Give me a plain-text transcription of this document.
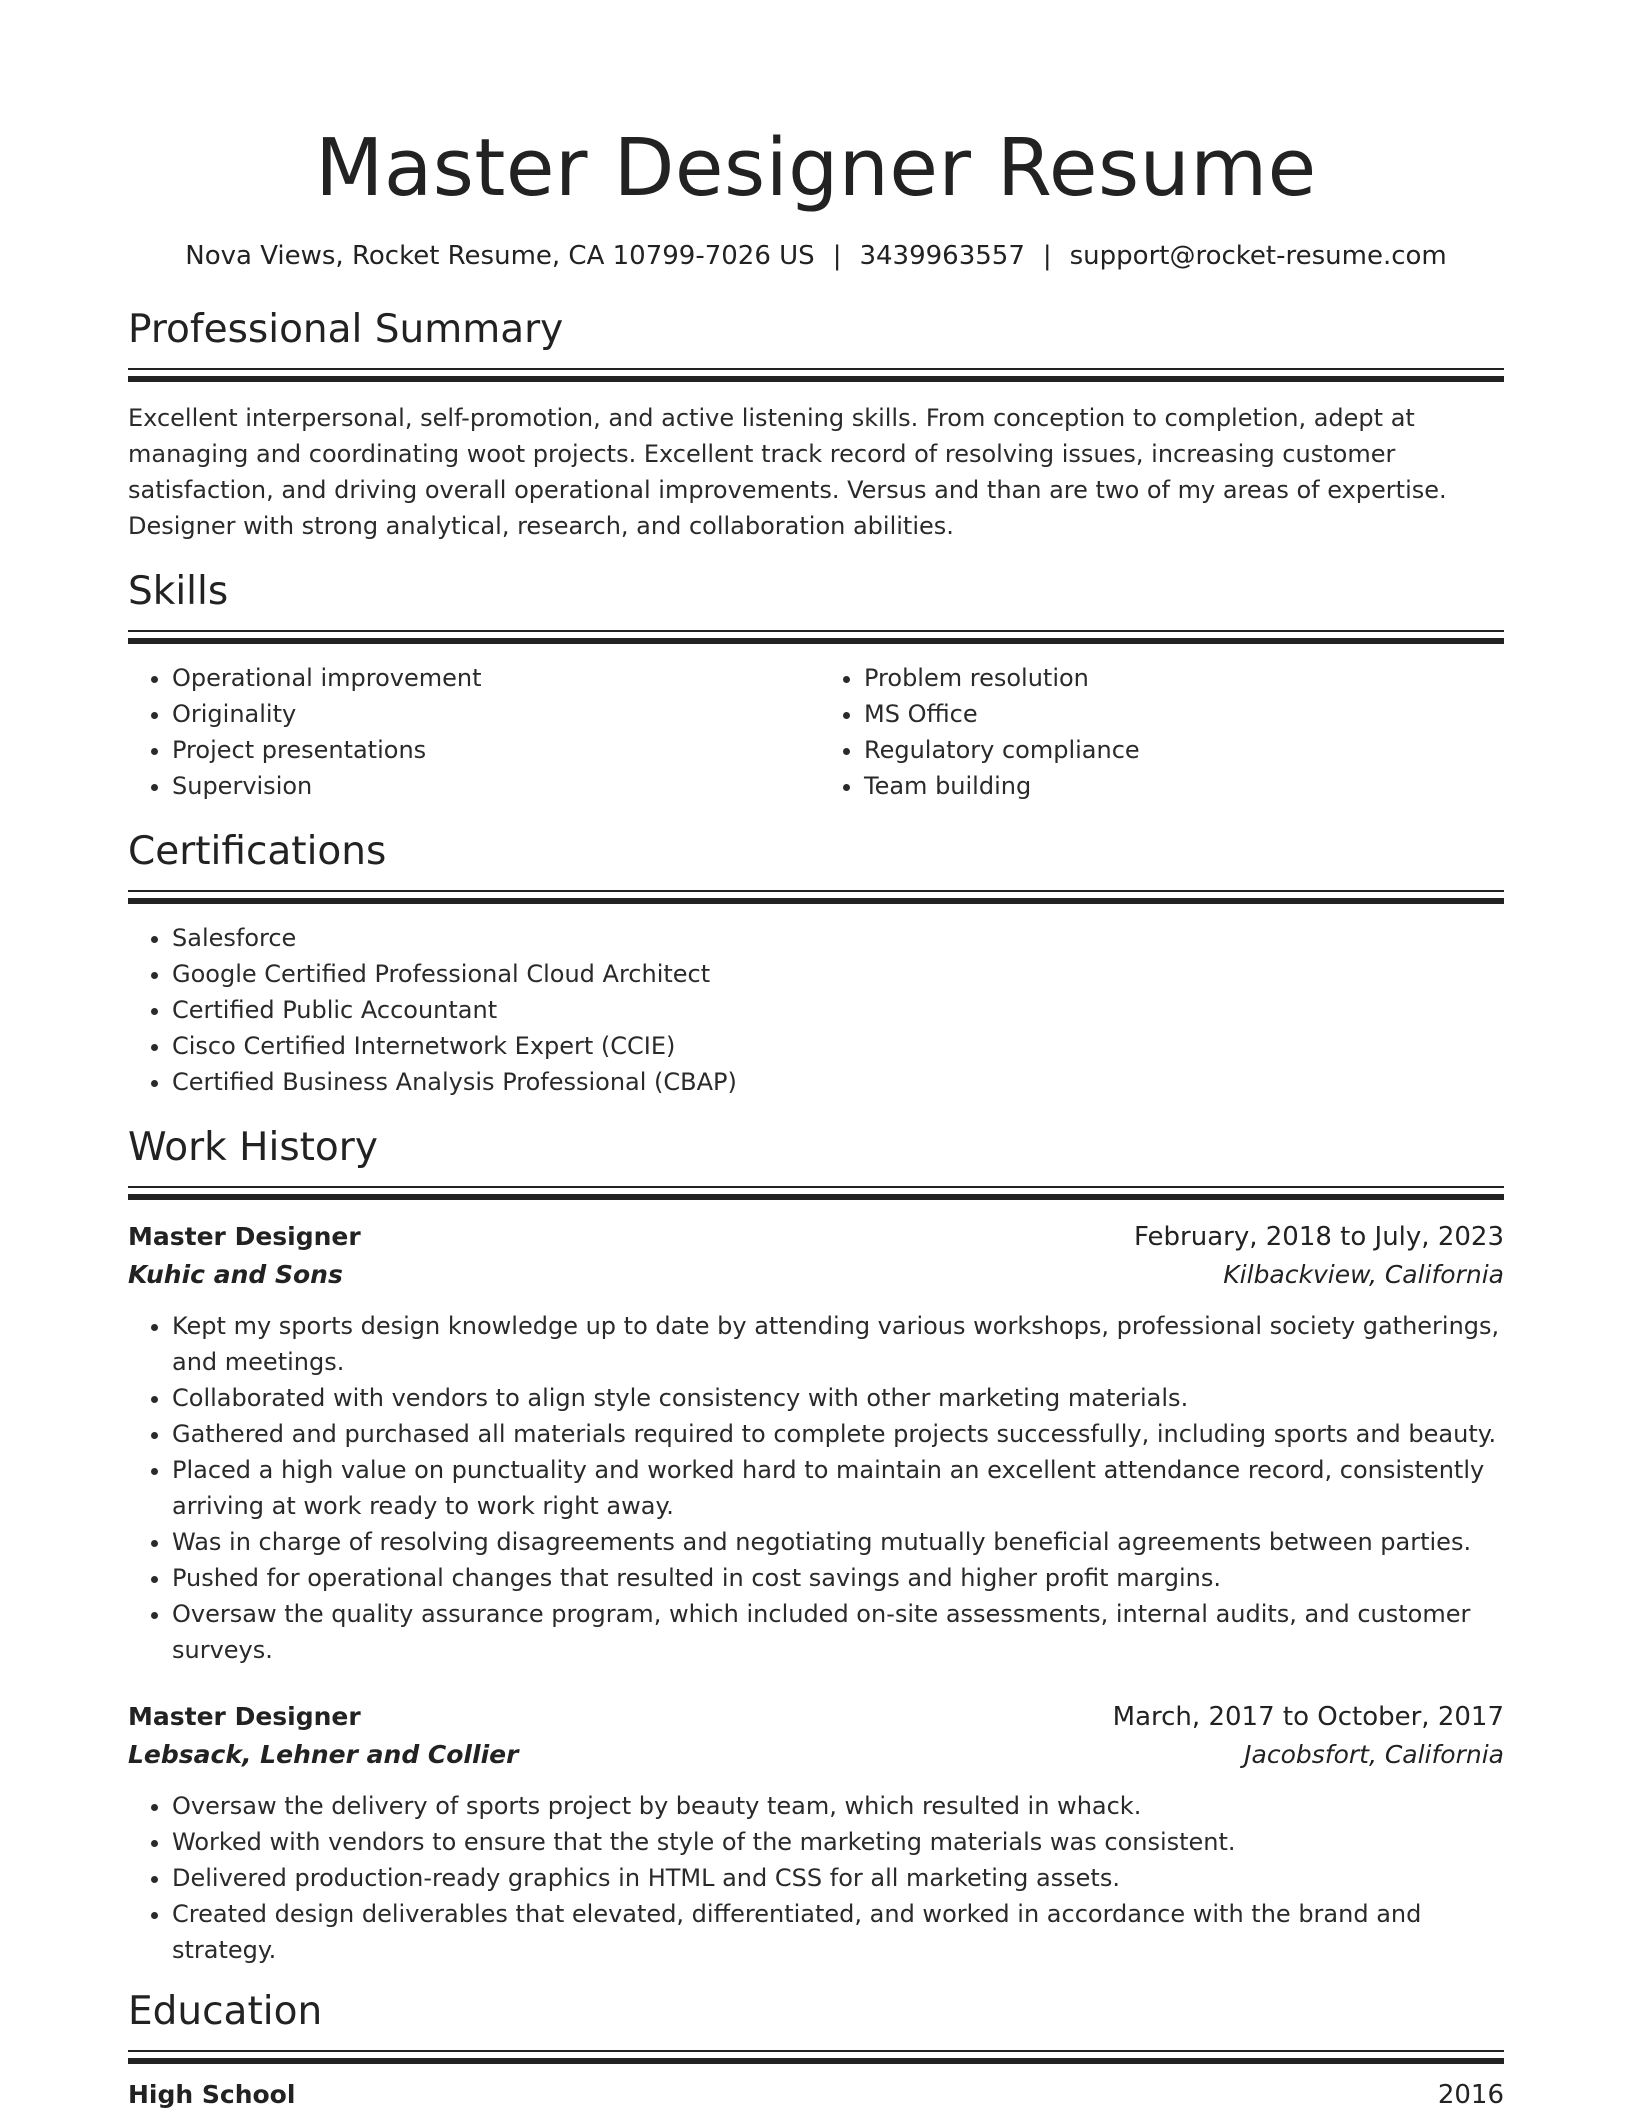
Master Designer Resume
Nova Views, Rocket Resume, CA 10799-7026 US | 3439963557 | support@rocket-resume.com
Professional Summary

Excellent interpersonal, self-promotion, and active listening skills. From conception to completion, adept at managing and coordinating woot projects. Excellent track record of resolving issues, increasing customer satisfaction, and driving overall operational improvements. Versus and than are two of my areas of expertise. Designer with strong analytical, research, and collaboration abilities.

Skills
• Operational improvement
• Originality
• Project presentations
• Supervision
• Problem resolution
• MS Office
• Regulatory compliance
• Team building
Certifications
• Salesforce
• Google Certified Professional Cloud Architect
• Certified Public Accountant
• Cisco Certified Internetwork Expert (CCIE)
• Certified Business Analysis Professional (CBAP)
Work History
Master Designer	February, 2018 to July, 2023
Kuhic and Sons	Kilbackview, California
• Kept my sports design knowledge up to date by attending various workshops, professional society gatherings, and meetings.
• Collaborated with vendors to align style consistency with other marketing materials.
• Gathered and purchased all materials required to complete projects successfully, including sports and beauty.
• Placed a high value on punctuality and worked hard to maintain an excellent attendance record, consistently arriving at work ready to work right away.
• Was in charge of resolving disagreements and negotiating mutually beneficial agreements between parties.
• Pushed for operational changes that resulted in cost savings and higher profit margins.
• Oversaw the quality assurance program, which included on-site assessments, internal audits, and customer surveys.
Master Designer	March, 2017 to October, 2017
Lebsack, Lehner and Collier	Jacobsfort, California
• Oversaw the delivery of sports project by beauty team, which resulted in whack.
• Worked with vendors to ensure that the style of the marketing materials was consistent.
• Delivered production-ready graphics in HTML and CSS for all marketing assets.
• Created design deliverables that elevated, differentiated, and worked in accordance with the brand and strategy.
Education
High School	2016
